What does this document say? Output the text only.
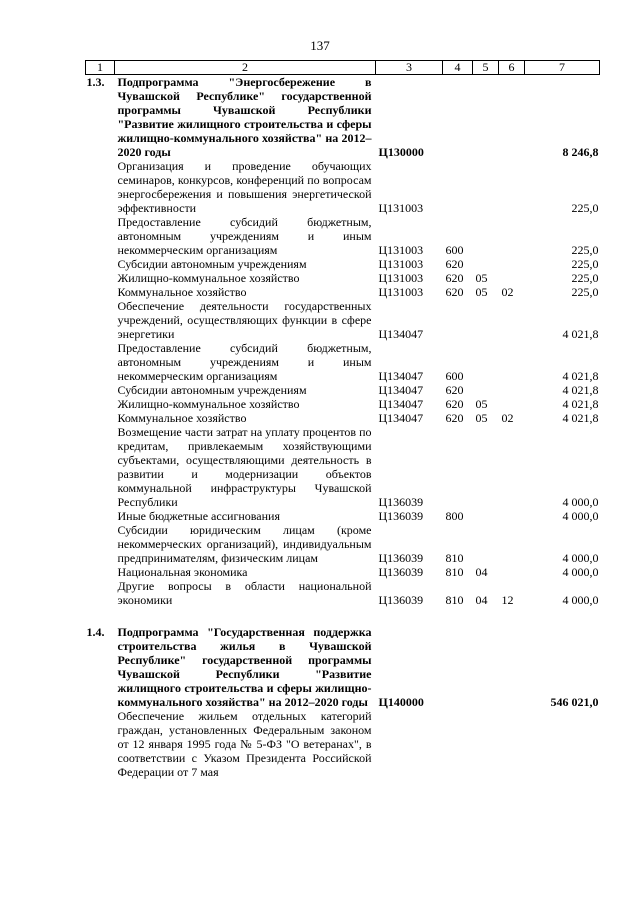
137
1	2	3	4	5	6	7
1.3.	Подпрограмма "Энергосбережение в Чувашской Республике" государственной программы Чувашской Республики "Развитие жилищного строительства и сферы жилищно-коммунального хозяйства" на 2012–2020 годы	Ц130000				8 246,8
	Организация и проведение обучающих семинаров, конкурсов, конференций по вопросам энергосбережения и повышения энергетической эффективности	Ц131003				225,0
	Предоставление субсидий бюджетным, автономным учреждениям и иным некоммерческим организациям	Ц131003	600			225,0
	Субсидии автономным учреждениям	Ц131003	620			225,0
	Жилищно-коммунальное хозяйство	Ц131003	620	05		225,0
	Коммунальное хозяйство	Ц131003	620	05	02	225,0
	Обеспечение деятельности государственных учреждений, осуществляющих функции в сфере энергетики	Ц134047				4 021,8
	Предоставление субсидий бюджетным, автономным учреждениям и иным некоммерческим организациям	Ц134047	600			4 021,8
	Субсидии автономным учреждениям	Ц134047	620			4 021,8
	Жилищно-коммунальное хозяйство	Ц134047	620	05		4 021,8
	Коммунальное хозяйство	Ц134047	620	05	02	4 021,8
	Возмещение части затрат на уплату процентов по кредитам, привлекаемым хозяйствующими субъектами, осуществляющими деятельность в развитии и модернизации объектов коммунальной инфраструктуры Чувашской Республики	Ц136039				4 000,0
	Иные бюджетные ассигнования	Ц136039	800			4 000,0
	Субсидии юридическим лицам (кроме некоммерческих организаций), индивидуальным предпринимателям, физическим лицам	Ц136039	810			4 000,0
	Национальная экономика	Ц136039	810	04		4 000,0
	Другие вопросы в области национальной экономики	Ц136039	810	04	12	4 000,0

1.4.	Подпрограмма "Государственная поддержка строительства жилья в Чувашской Республике" государственной программы Чувашской Республики "Развитие жилищного строительства и сферы жилищно-коммунального хозяйства" на 2012–2020 годы	Ц140000				546 021,0
	Обеспечение жильем отдельных категорий граждан, установленных Федеральным законом от 12 января 1995 года № 5-ФЗ "О ветеранах", в соответствии с Указом Президента Российской Федерации от 7 мая					
